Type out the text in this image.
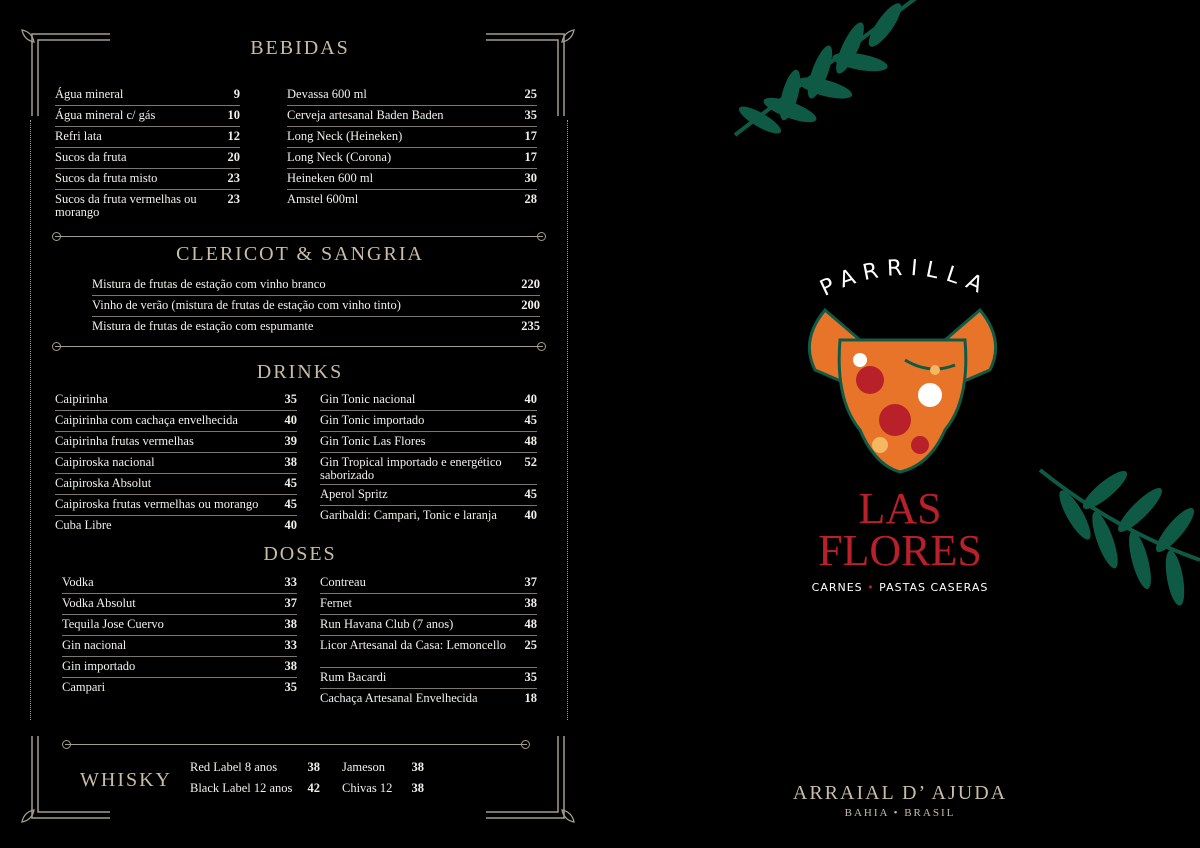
BEBIDAS
Água mineral	9
Água mineral c/ gás	10
Refri lata	12
Sucos da fruta	20
Sucos da fruta misto	23
Sucos da fruta vermelhas ou morango
23
Devassa 600 ml	25
Cerveja artesanal Baden Baden	35
Long Neck (Heineken)	17
Long Neck (Corona)	17
Heineken 600 ml	30
Amstel 600ml	28
CLERICOT & SANGRIA
Mistura de frutas de estação com vinho branco	220
Vinho de verão (mistura de frutas de estação com vinho tinto)	200
Mistura de frutas de estação com espumante	235
DRINKS
Caipirinha	35
Caipirinha com cachaça envelhecida	40
Caipirinha frutas vermelhas	39
Caipiroska nacional	38
Caipiroska Absolut	45
Caipiroska frutas vermelhas ou morango	45
Cuba Libre	40
Gin Tonic nacional	40
Gin Tonic importado	45
Gin Tonic Las Flores	48
Gin Tropical importado e energético saborizado
52
Aperol Spritz	45
Garibaldi: Campari, Tonic e laranja	40
DOSES
Vodka	33
Vodka Absolut	37
Tequila Jose Cuervo	38
Gin nacional	33
Gin importado	38
Campari	35
Contreau	37
Fernet	38
Run Havana Club (7 anos)	48
Licor Artesanal da Casa: Lemoncello 25
Rum Bacardi	35
Cachaça Artesanal Envelhecida	18
WHISKY
Red Label 8 anos 38
Black Label 12 anos 42
Jameson 38
Chivas 12 38
PARRILLA
LAS
FLORES
CARNES • PASTAS CASERAS
ARRAIAL D’ AJUDA
BAHIA • BRASIL
